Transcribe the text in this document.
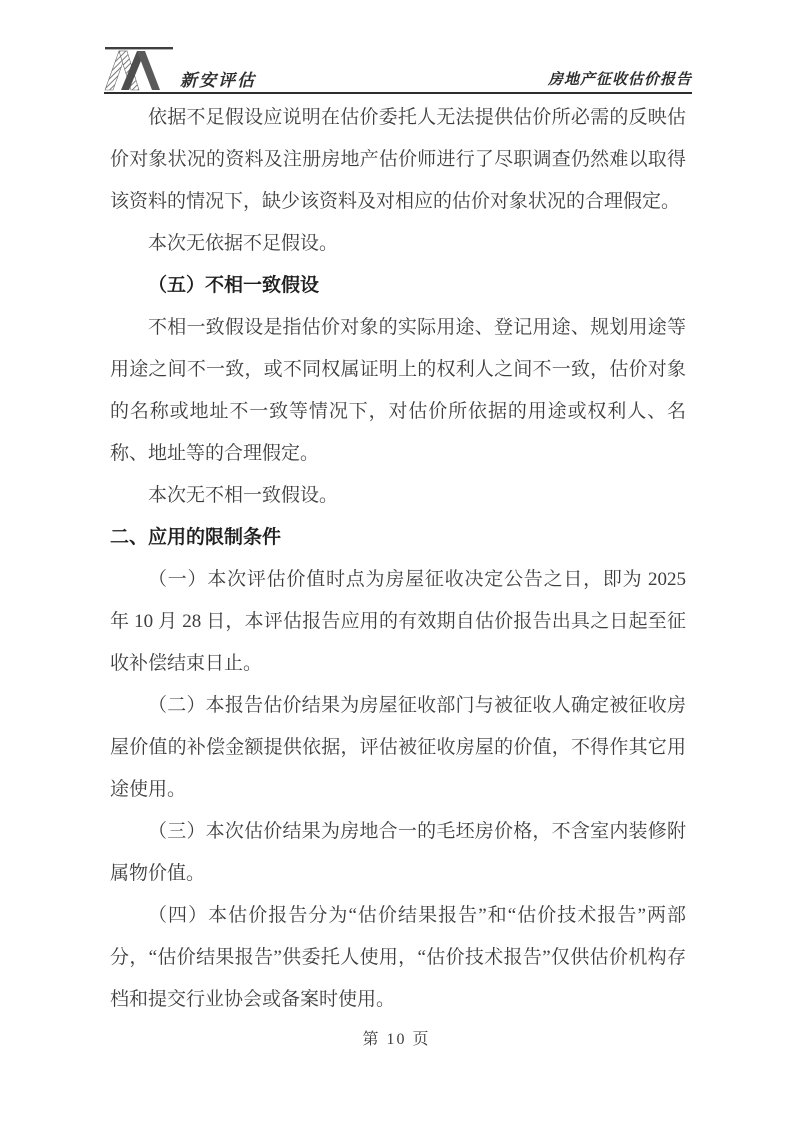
新安评估	房地产征收估价报告

依据不足假设应说明在估价委托人无法提供估价所必需的反映估价对象状况的资料及注册房地产估价师进行了尽职调查仍然难以取得该资料的情况下，缺少该资料及对相应的估价对象状况的合理假定。

本次无依据不足假设。

（五）不相一致假设

不相一致假设是指估价对象的实际用途、登记用途、规划用途等用途之间不一致，或不同权属证明上的权利人之间不一致，估价对象的名称或地址不一致等情况下，对估价所依据的用途或权利人、名称、地址等的合理假定。

本次无不相一致假设。

二、应用的限制条件

（一）本次评估价值时点为房屋征收决定公告之日，即为 2025 年 10 月 28 日，本评估报告应用的有效期自估价报告出具之日起至征收补偿结束日止。

（二）本报告估价结果为房屋征收部门与被征收人确定被征收房屋价值的补偿金额提供依据，评估被征收房屋的价值，不得作其它用途使用。

（三）本次估价结果为房地合一的毛坯房价格，不含室内装修附属物价值。

（四）本估价报告分为“估价结果报告”和“估价技术报告”两部分，“估价结果报告”供委托人使用，“估价技术报告”仅供估价机构存档和提交行业协会或备案时使用。

第 10 页
